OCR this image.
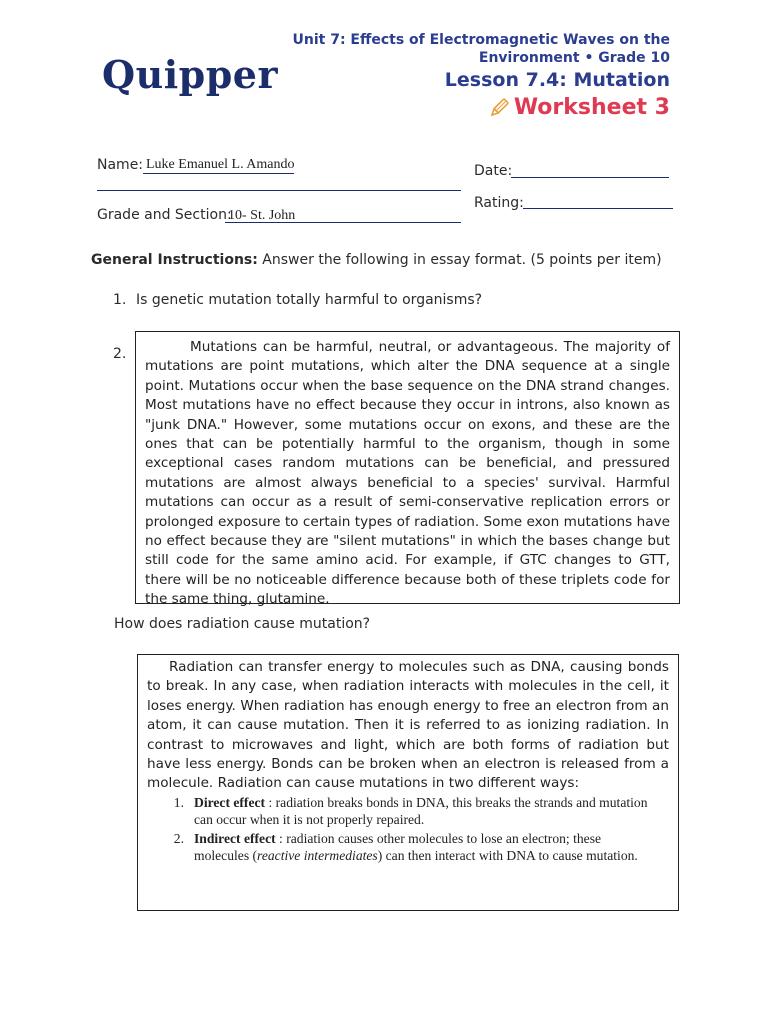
Quipper
Unit 7: Effects of Electromagnetic Waves on the Environment • Grade 10
Lesson 7.4: Mutation
Worksheet 3
Name: Luke Emanuel L. Amando
Grade and Section:
10- St. John
Date:
Rating:
General Instructions: Answer the following in essay format. (5 points per item)
1. Is genetic mutation totally harmful to organisms?
2.	Mutations can be harmful, neutral, or advantageous. The majority of mutations are point mutations, which alter the DNA sequence at a single point. Mutations occur when the base sequence on the DNA strand changes. Most mutations have no effect because they occur in introns, also known as "junk DNA." However, some mutations occur on exons, and these are the ones that can be potentially harmful to the organism, though in some exceptional cases random mutations can be beneficial, and pressured mutations are almost always beneficial to a species' survival. Harmful mutations can occur as a result of semi-conservative replication errors or prolonged exposure to certain types of radiation. Some exon mutations have no effect because they are "silent mutations" in which the bases change but still code for the same amino acid. For example, if GTC changes to GTT, there will be no noticeable difference because both of these triplets code for the same thing, glutamine.

How does radiation cause mutation?

Radiation can transfer energy to molecules such as DNA, causing bonds to break. In any case, when radiation interacts with molecules in the cell, it loses energy. When radiation has enough energy to free an electron from an atom, it can cause mutation. Then it is referred to as ionizing radiation. In contrast to microwaves and light, which are both forms of radiation but have less energy. Bonds can be broken when an electron is released from a molecule. Radiation can cause mutations in two different ways:

1. Direct effect : radiation breaks bonds in DNA, this breaks the strands and mutation can occur when it is not properly repaired.
2. Indirect effect : radiation causes other molecules to lose an electron; these molecules (reactive intermediates) can then interact with DNA to cause mutation.
